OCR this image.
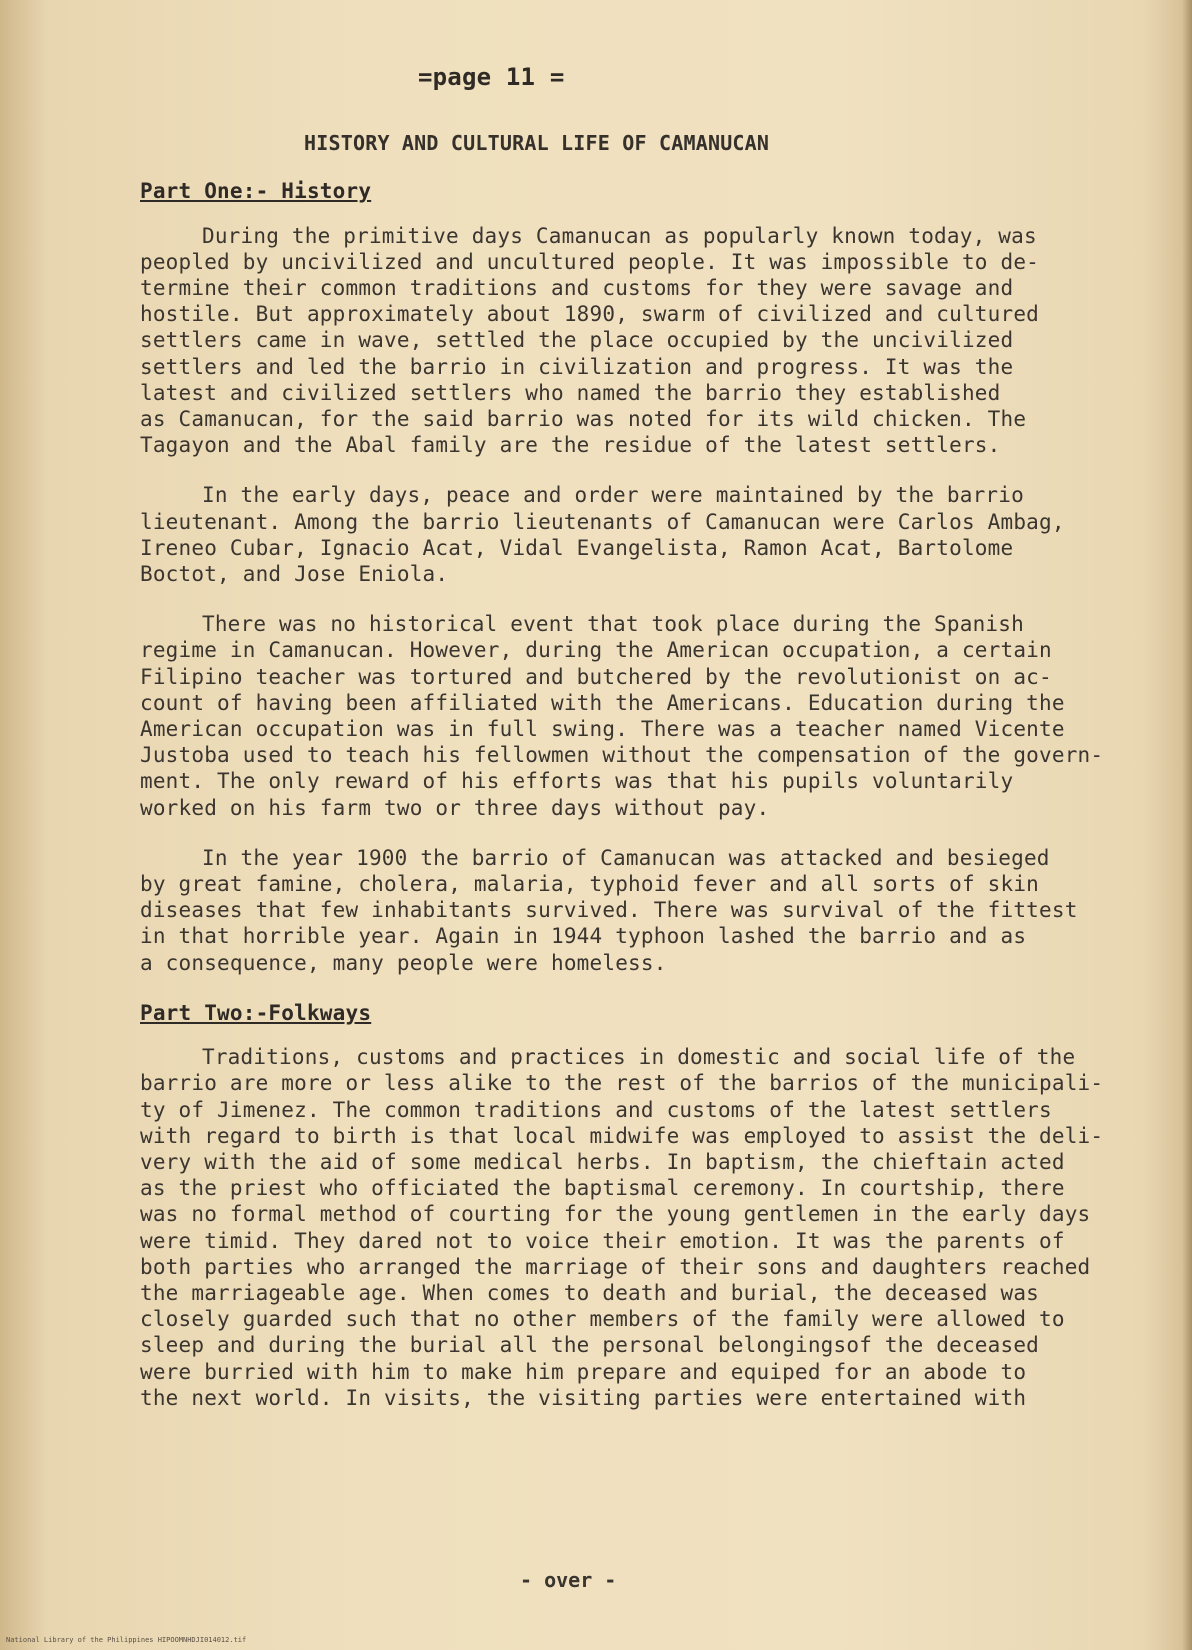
=page 11 =
HISTORY AND CULTURAL LIFE OF CAMANUCAN
Part One:- History
During the primitive days Camanucan as popularly known today, was
peopled by uncivilized and uncultured people. It was impossible to de-
termine their common traditions and customs for they were savage and
hostile. But approximately about 1890, swarm of civilized and cultured
settlers came in wave, settled the place occupied by the uncivilized
settlers and led the barrio in civilization and progress. It was the
latest and civilized settlers who named the barrio they established
as Camanucan, for the said barrio was noted for its wild chicken. The
Tagayon and the Abal family are the residue of the latest settlers.
In the early days, peace and order were maintained by the barrio
lieutenant. Among the barrio lieutenants of Camanucan were Carlos Ambag,
Ireneo Cubar, Ignacio Acat, Vidal Evangelista, Ramon Acat, Bartolome
Boctot, and Jose Eniola.
There was no historical event that took place during the Spanish
regime in Camanucan. However, during the American occupation, a certain
Filipino teacher was tortured and butchered by the revolutionist on ac-
count of having been affiliated with the Americans. Education during the
American occupation was in full swing. There was a teacher named Vicente
Justoba used to teach his fellowmen without the compensation of the govern-
ment. The only reward of his efforts was that his pupils voluntarily
worked on his farm two or three days without pay.
In the year 1900 the barrio of Camanucan was attacked and besieged
by great famine, cholera, malaria, typhoid fever and all sorts of skin
diseases that few inhabitants survived. There was survival of the fittest
in that horrible year. Again in 1944 typhoon lashed the barrio and as
a consequence, many people were homeless.
Part Two:-Folkways
Traditions, customs and practices in domestic and social life of the
barrio are more or less alike to the rest of the barrios of the municipali-
ty of Jimenez. The common traditions and customs of the latest settlers
with regard to birth is that local midwife was employed to assist the deli-
very with the aid of some medical herbs. In baptism, the chieftain acted
as the priest who officiated the baptismal ceremony. In courtship, there
was no formal method of courting for the young gentlemen in the early days
were timid. They dared not to voice their emotion. It was the parents of
both parties who arranged the marriage of their sons and daughters reached
the marriageable age. When comes to death and burial, the deceased was
closely guarded such that no other members of the family were allowed to
sleep and during the burial all the personal belongingsof the deceased
were burried with him to make him prepare and equiped for an abode to
the next world. In visits, the visiting parties were entertained with
- over -
National Library of the Philippines HIPOOMNHDJI014012.tif
